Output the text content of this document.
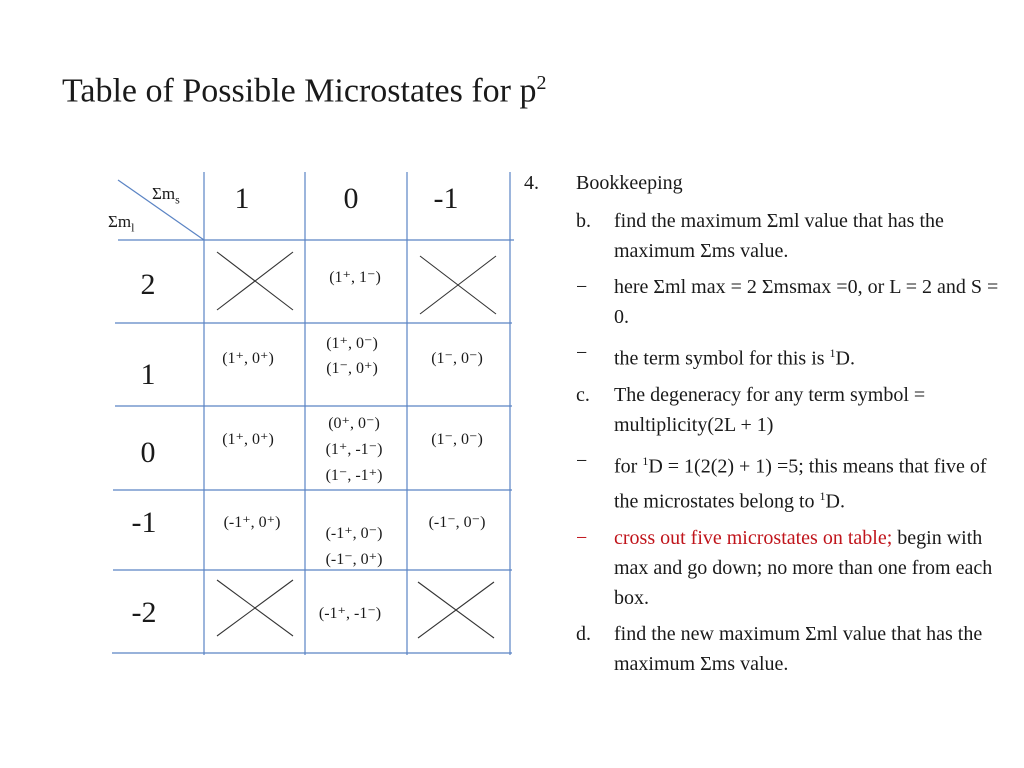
Table of Possible Microstates for $p^2$
$\Sigma m_s$
$\Sigma m_l$
1	0	-1
2
1
0
-1
-2
(1⁺, 1⁻)
(1⁺, 0⁺)
(1⁺, 0⁻)
(1⁻, 0⁺)
(1⁻, 0⁻)
(1⁺, 0⁺)
(0⁺, 0⁻)
(1⁺, -1⁻)
(1⁻, -1⁺)
(1⁻, 0⁻)
(-1⁺, 0⁺)
(-1⁺, 0⁻)
(-1⁻, 0⁺)
(-1⁻, 0⁻)
(-1⁺, -1⁻)
4. Bookkeeping
b. find the maximum Σml value that has the maximum Σms value.
− here Σml max = 2 Σmsmax =0, or L = 2 and S = 0.
− the term symbol for this is $^1$D.
c. The degeneracy for any term symbol = multiplicity(2L + 1)
− for $^1$D = 1(2(2) + 1) =5; this means that five of the microstates belong to $^1$D.
− cross out five microstates on table; begin with max and go down; no more than one from each box.
d. find the new maximum Σml value that has the maximum Σms value.
